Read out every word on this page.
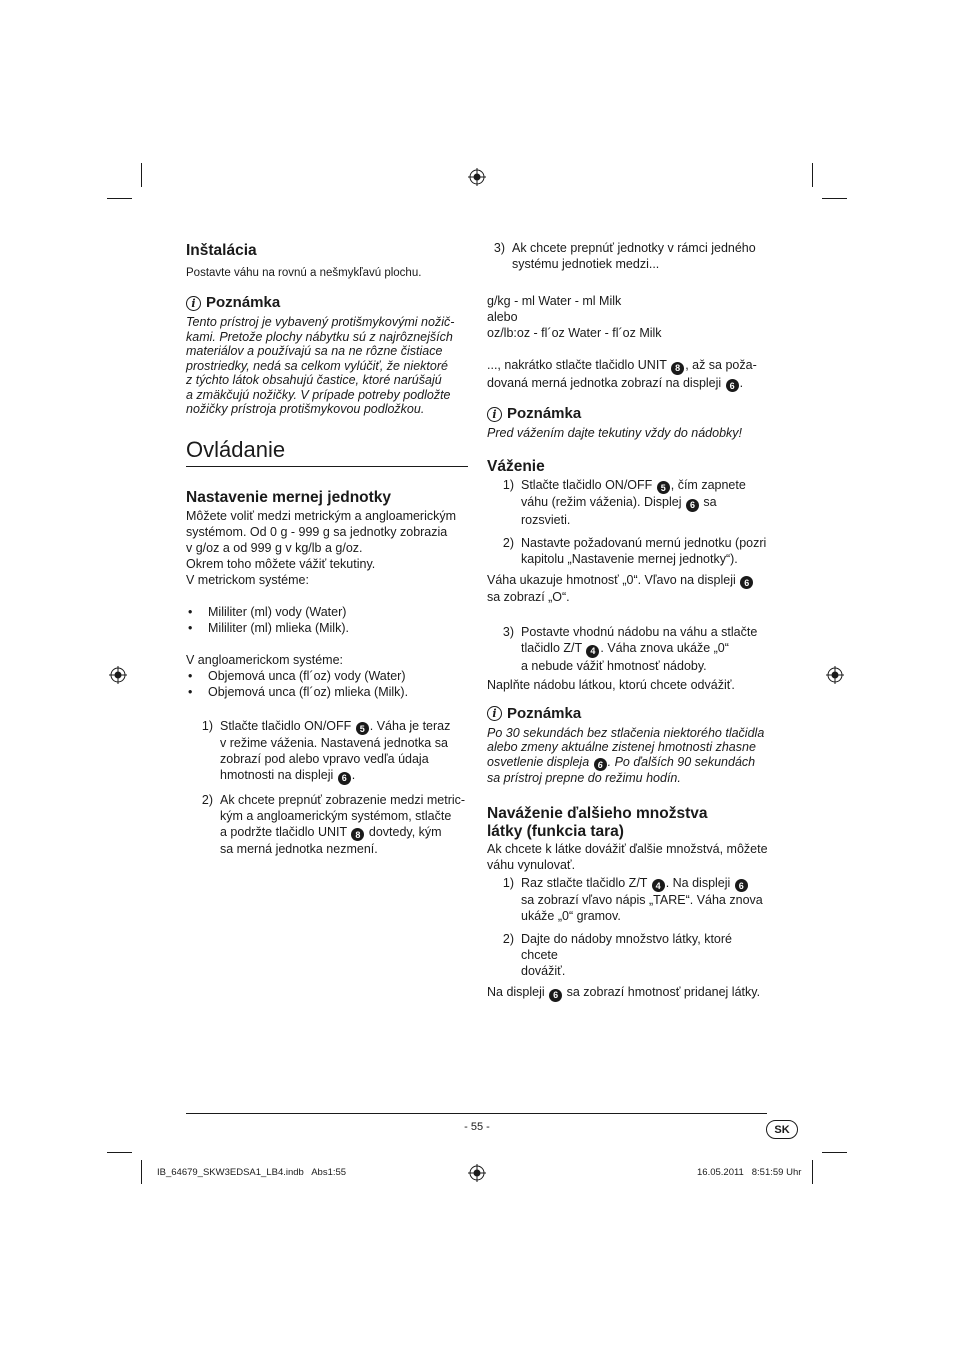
Inštalácia

Postavte váhu na rovnú a nešmykľavú plochu.

i Poznámka

Tento prístroj je vybavený protišmykovými nožič-

kami. Pretože plochy nábytku sú z najrôznejších

materiálov a používajú sa na ne rôzne čistiace

prostriedky, nedá sa celkom vylúčiť, že niektoré

z týchto látok obsahujú častice, ktoré narúšajú

a zmäkčujú nožičky. V prípade potreby podložte

nožičky prístroja protišmykovou podložkou.

Ovládanie

Nastavenie mernej jednotky

Môžete voliť medzi metrickým a angloamerickým

systémom. Od 0 g - 999 g sa jednotky zobrazia

v g/oz a od 999 g v kg/lb a g/oz.

Okrem toho môžete vážiť tekutiny.

V metrickom systéme:

•	Mililiter (ml) vody (Water)
•	Mililiter (ml) mlieka (Milk).

V angloamerickom systéme:

•	Objemová unca (fl´oz) vody (Water)
•	Objemová unca (fl´oz) mlieka (Milk).
1) Stlačte tlačidlo ON/OFF 5 . Váha je teraz
v režime váženia. Nastavená jednotka sa
zobrazí pod alebo vpravo vedľa údaja
hmotnosti na displeji 6 .
2) Ak chcete prepnúť zobrazenie medzi metric-
kým a angloamerickým systémom, stlačte
a podržte tlačidlo UNIT 8 dovtedy, kým
sa merná jednotka nezmení.
3) Ak chcete prepnúť jednotky v rámci jedného
systému jednotiek medzi...

g/kg - ml Water - ml Milk

alebo

oz/lb:oz - fl´oz Water - fl´oz Milk

..., nakrátko stlačte tlačidlo UNIT 8 , až sa poža-

dovaná merná jednotka zobrazí na displeji 6 .

i Poznámka

Pred vážením dajte tekutiny vždy do nádobky!

Váženie

1) Stlačte tlačidlo ON/OFF 5 , čím zapnete
váhu (režim váženia). Displej 6 sa rozsvieti.
2) Nastavte požadovanú mernú jednotku (pozri
kapitolu „Nastavenie mernej jednotky“).

Váha ukazuje hmotnosť „0“. Vľavo na displeji 6

sa zobrazí „O“.

3) Postavte vhodnú nádobu na váhu a stlačte
tlačidlo Z/T 4 . Váha znova ukáže „0“
a nebude vážiť hmotnosť nádoby.

Naplňte nádobu látkou, ktorú chcete odvážiť.

i Poznámka

Po 30 sekundách bez stlačenia niektorého tlačidla

alebo zmeny aktuálne zistenej hmotnosti zhasne

osvetlenie displeja 6 . Po ďalších 90 sekundách

sa prístroj prepne do režimu hodín.

Naváženie ďalšieho množstva

látky (funkcia tara)

Ak chcete k látke dovážiť ďalšie množstvá, môžete

váhu vynulovať.

1) Raz stlačte tlačidlo Z/T 4 . Na displeji 6
sa zobrazí vľavo nápis „TARE“. Váha znova
ukáže „0“ gramov.
2) Dajte do nádoby množstvo látky, ktoré chcete
dovážiť.

Na displeji 6 sa zobrazí hmotnosť pridanej látky.

- 55 -	SK
IB_64679_SKW3EDSA1_LB4.indb   Abs1:55	16.05.2011   8:51:59 Uhr
